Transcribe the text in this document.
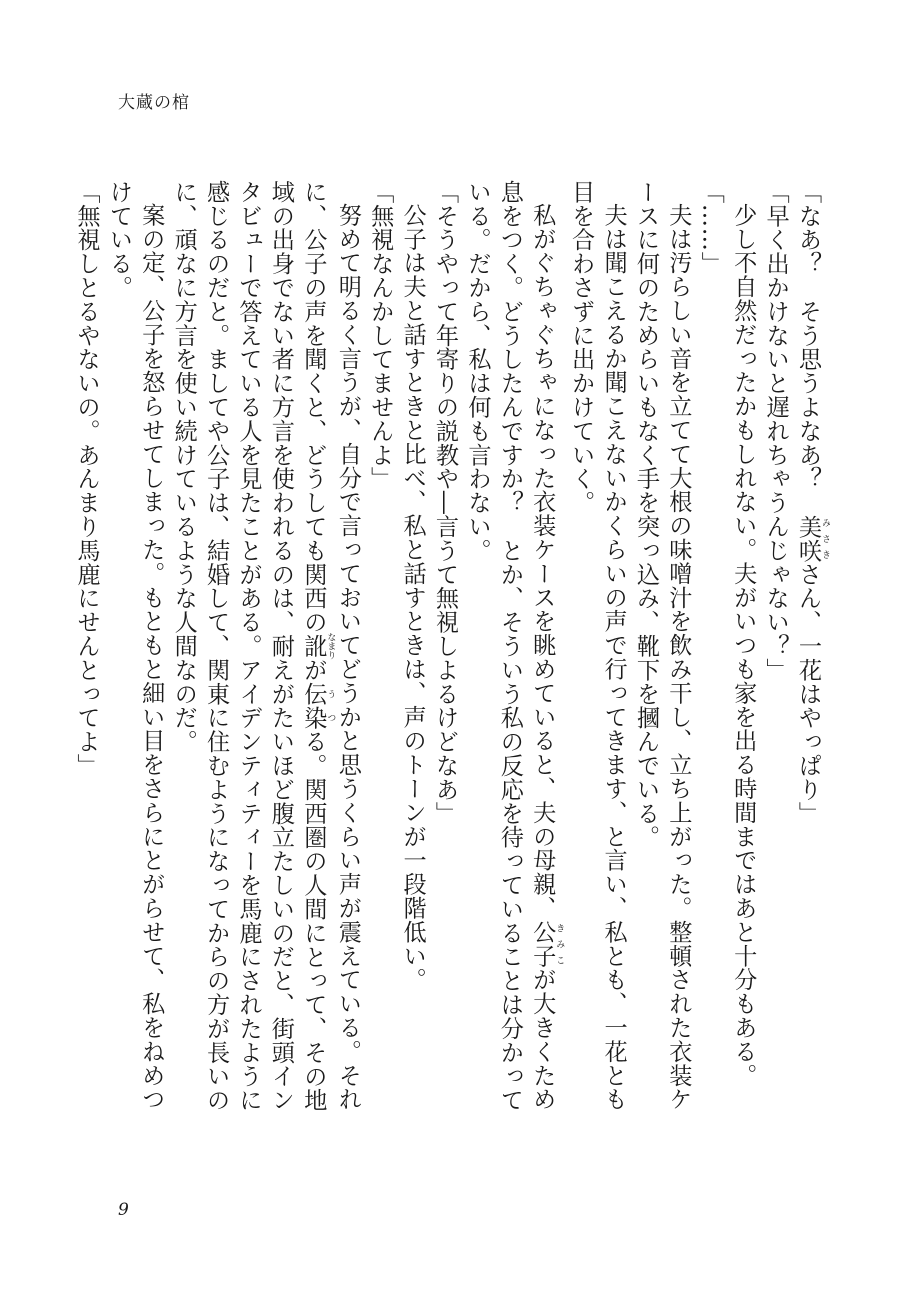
大蔵の棺

「なあ？　そう思うよなあ？　美咲みさきさん、一花はやっぱり」

「早く出かけないと遅れちゃうんじゃない？」

少し不自然だったかもしれない。夫がいつも家を出る時間まではあと十分もある。

「……」

夫は汚らしい音を立てて大根の味噌汁を飲み干し、立ち上がった。整頓された衣装ケースに何のためらいもなく手を突っ込み、靴下を摑んでいる。

夫は聞こえるか聞こえないかくらいの声で行ってきます、と言い、私とも、一花とも目を合わさずに出かけていく。

私がぐちゃぐちゃになった衣装ケースを眺めていると、夫の母親、公子きみこが大きくため息をつく。どうしたんですか？　とか、そういう私の反応を待っていることは分かっている。だから、私は何も言わない。

「そうやって年寄りの説教や―言うて無視しよるけどなあ」

公子は夫と話すときと比べ、私と話すときは、声のトーンが一段階低い。

「無視なんかしてませんよ」

努めて明るく言うが、自分で言っておいてどうかと思うくらい声が震えている。それに、公子の声を聞くと、どうしても関西の訛なまりが伝染うつる。関西圏の人間にとって、その地域の出身でない者に方言を使われるのは、耐えがたいほど腹立たしいのだと、街頭インタビューで答えている人を見たことがある。アイデンティティーを馬鹿にされたように感じるのだと。ましてや公子は、結婚して、関東に住むようになってからの方が長いのに、頑なに方言を使い続けているような人間なのだ。

案の定、公子を怒らせてしまった。もともと細い目をさらにとがらせて、私をねめつけている。

「無視しとるやないの。あんまり馬鹿にせんとってよ」

9
